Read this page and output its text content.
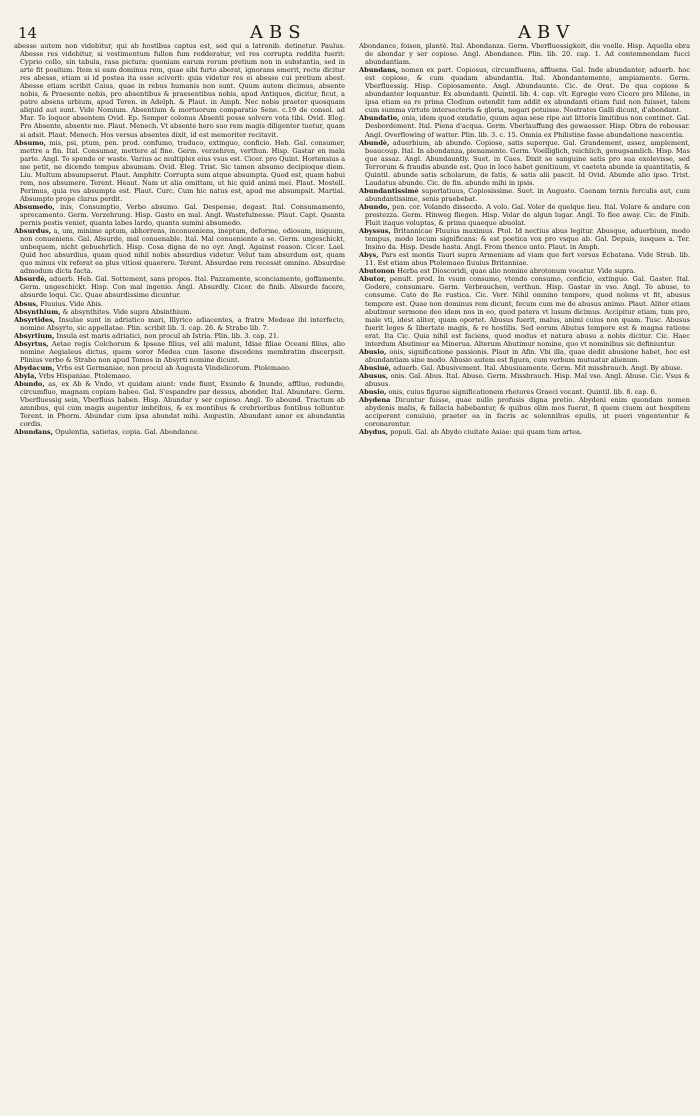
14	ABS	ABV

abesse autem non videbitur, qui ab hostibus captus est, sed qui a latronib. detinetur. Paulus. Abesse res videbitur, si vestimentum fullon fum redderatur, vel res corrupta reddita fuerit: Cyprio collo, sin tabula, rasa pictura: quoniam earum rerum pretium non in substantia, sed in arte fit positum. Item si eam dominus rem, quae sibi furto aberat, ignorans emerit, recte dicitur res abesse, etiam si id postea ita esse sciverit: quia videtur res ei abesse cui pretium abest. Abesse etiam scribit Caius, quae in rebus humanis non sunt. Quum autem dicimus, absente nobis, & Praesente nobis, pro absentibus & praesentibus nobis, apud Antiquos, dicitur, ficut, a patre absens urbium, apud Teren. in Adelph. & Plaut. in Amph. Nec nobis praeter quosquam aliquid aut sunt. Vide Nomium. Absentium & mortuorum comparatio Sene. c.19 de consol. ad Mar. Te loquor absentem Ovid. Ep. Semper colonus Absenti posse solvere vota tibi. Ovid. Eleg. Pro Absente, absente me. Plaut. Menech. Vt absente hero suo rem magis diligenter tuetur, quam si adsit. Plaut. Menech. Hos versus absentes dixit, id est memoriter recitavit.

Absumo, mis, psi, ptum, pen. prod. confumo, traduco, extinguo, conficio. Heb. Gal. consumer, mettre a fin. Ital. Consumar, mettere al fine. Germ. verzehren, verthun. Hisp. Gastar en mala parte. Angl. To spende or waste. Varius ac multiplex eius vsus est. Cicer. pro Quint. Hortensius a me petit, ne dicendo tempus absumam. Ovid. Eleg. Trist. Sic tamen absumo decipioque diem. Liu. Multum absumpserat. Plaut. Amphitr. Corrupta sum atque absumpta. Quod est, quam habui rem, nos absumere. Terent. Heaut. Nam ut alia omittam, ut hic quid animi mei. Plaut. Mostell. Perimus, quia res absumpta est. Plaut. Curc. Cum hic natus est, apud me absumpsit. Martial. Absumpto prope clarus perdit.

Absumedo, inis, Consumptio, Verbo absumo. Gal. Despense, degast. Ital. Consumamento, sprecamento. Germ. Verzehrung. Hisp. Gasto en mal. Angl. Wastefulnesse. Plaut. Capt. Quanta pernis pestis veniet, quanta labes lardo, quanta sumini absumedo.

Absurdus, a, um, minime aptum, abhorrens, inconueniens, ineptum, deforme, odiosum, iniquum, non conueniens. Gal. Absurde, mal conuenable. Ital. Mal conueniente a se. Germ. ungeschickt, unbequem, nicht gebuehrlich. Hisp. Cosa digna de no oyr. Angl. Against reason. Cicer. Lael. Quid hoc absurdius, quam quod nihil nobis absurdius videtur. Velut tam absurdum est, quam quo minus vix referat ea plus vitiosi quaerere. Terent. Absurdae rem recessit omnino. Absurdae admodum dicta facta.

Absurdè, aduerb. Heb. Gal. Sottement, sans propos. Ital. Pazzamente, sconciamente, goffamente. Germ. ungeschickt. Hisp. Con mal ingenio. Angl. Absurdly. Cicer. de finib. Absurde facere, absurde loqui. Cic. Quae absurdissime dicuntur.

Absus, Fluuius. Vide Abis.

Absynthium, & absynthites. Vide supra Absinthium.

Absyrtides, Insulae sunt in adriatico mari, Illyrico adiacentes, a fratre Medeae ibi interfecto, nomine Absyrto, sic appellatae. Plin. scribit lib. 3. cap. 26. & Strabo lib. 7.

Absyrtium, Insula est maris adriatici, non procul ab Istria. Plin. lib. 3. cap. 21.

Absyrtus, Aetae regis Colchorum & Ipseae filius, vel alii malunt, Idiae filiae Oceani filius, alio nomine Aegialeus dictus, quem soror Medea cum Iasone discedens membratim discerpsit. Plinius verbo & Strabo non apud Tomos in Absyrti nomine dicunt.

Abydacum, Vrbs est Germaniae, non procul ab Augusta Vindelicorum. Ptolemaeo.

Abyla, Vrbs Hispaniae. Ptolemaeo.

Abundo, as, ex Ab & Vndo, vt quidam aiunt: vnde fiunt, Exundo & Inundo, afflluo, redundo, circumfluo, magnam copiam habeo. Gal. S'espandre par dessus, abonder. Ital. Abundare. Germ. Vberfluessig sein, Vberfluss haben. Hisp. Abundar y ser copioso. Angl. To abound. Tractum ab amnibus, qui cum magis augentur imbribus, & ex montibus & crebrioribus fontibus tolluntur. Terent. in Phorm. Abundar cum ipsa abundat mihi. Augustin. Abundant amor ex abundantia cordis.

Abundans, Opulentia, satietas, copia. Gal. Abondance.

Abondance, foison, planté. Ital. Abondanza. Germ. Vberfluessigkeit, die voelle. Hisp. Aquella obra de abondar y ser copioso. Angl. Abondance. Plin. lib. 20. cap. 1. Ad contemnendam fucci abundantiam.

Abundans, nomen ex part. Copiosus, circumfluens, affluens. Gal. Inde abundanter, aduerb. hoc est copiose, & cum quadam abundantia. Ital. Abondantemente, ampiamente. Germ. Vberfluessig. Hisp. Copiosamente. Angl. Abundaunte. Cic. de Orat. De qua copiose & abundanter loquantur. Ex abundanti. Quintil. lib. 4. cap. vlt. Egregie vero Cicero pro Milone, in ipsa etiam ea re prima Clodium ostendit tam addit ex abundanti etiam fuid non fuisset, talem cum summa virtute intersectoris & gloria, negari potuisse. Nostrates Galli dicunt, d'abondant.

Abundatio, onis, idem quod exudatio, quum aqua sese ripe aut littoris limitibus non continet. Gal. Desbordement. Ital. Piena d'acqua. Germ. Vberlauffung des gewaesser. Hisp. Obra de rebossar. Angl. Overflowing of watter. Plin. lib. 3. c. 15. Omnia ex Philistine fasse abundatione nascentia.

Abundè, aduerbium, ab abundo. Copiose, satis superque. Gal. Grandement, assez, amplement, beaucoup. Ital. In abondanza, pienamente. Germ. Voelliglich, reichlich, genugsamlich. Hisp. Mas que assaz. Angl. Abundauntly. Suet. in Caes. Dixit se sanguine satis pro sua exolevisse, sed Terrorum & fraudis abunde est. Quo in loco habet genitiuum, vt caeteta abunde ia quantitatis, & Quintil. abunde satis scholarum, de fatis, & satis alii pascit. Id Ovid. Abunde alio ipso. Trist. Laudatus abunde. Cic. de fin. abunde mihi in ipsis.

Abundantissimè superlatiuus, Copiosissime. Suet. in Augusto. Caenam ternis ferculis aut, cum abundantissime, senis praebebat.

Abundo, pen. cor. Volando dissecdo. A volo. Gal. Voler de quelque lieu. Ital. Volare & andare con prestezza. Germ. Hinweg fliegen. Hisp. Volar de algun lugar. Angl. To flee away. Cic. de Finib. Fluit itaque voluptas, & prima quaeque abuolat.

Abyssus, Britannicae Fluuius maximus. Ptol. Id nectius abus legitur. Abusque, aduerbium, modo tempus, modo locum significans: & est poetica vox pro vsque ab. Gal. Depuis, iusques a. Ter. Insino da. Hisp. Desde hasta. Angl. From thence unto. Plaut. in Amph.

Abys, Pars est montis Tauri supra Armeniam ad viam que fert versus Ecbatana. Vide Strab. lib. 11. Est etiam abus Ptolemaeo fluuius Britanniae.

Abutonon Herba est Dioscoridi, quae alio nomine abrotonum vocatur. Vide supra.

Abutor, penult. prod. In vsum consumo, vtendo consumo, conficio, extinguo. Gal. Gaster. Ital. Godere, consumare. Germ. Verbrauchen, verthun. Hisp. Gastar in vso. Angl. To abuse, to consume. Cato de Re rustica. Cic. Verr. Nihil omnino tempore, quod nolens vt fit, abusus tempore est. Quae non dominus rem dicunt, fecum cum me de abusus animo. Plaut. Aliter etiam abutimur sermone deo idem nos in eo, quod patera vt lusum dicimus. Accipitur etiam, tum pro, male vti, idest aliter, quam oportet. Abusus fuerit, malus, animi cuius non quam. Tusc. Abusus fuerit leges & libertate magis, & re hostilis. Sed eorum Abutus tempore est & magna ratione erat. Ita Cic. Quia nihil est faciens, quod modus et natura abusu a nobis dicitur. Cic. Haec interdum Abutimur ea Minerua. Alterum Abutimur nomine, quo vt nominibus sic definiuntur.

Abusio, onis, significatione passionis. Plaut in Afin. Vbi illa, quae dedit abusione habet, hoc est abundantiam sine modo. Abusio autem est figura, cum verbum mutuatur alienum.

Abusiuè, aduerb. Gal. Abusivement. Ital. Abusiuamente. Germ. Mit missbrauch. Angl. By abuse.

Abusus, onis. Gal. Abus. Ital. Abuso. Germ. Missbrauch. Hisp. Mal vso. Angl. Abuse. Cic. Vsus & abusus.

Abusio, onis, cuius figurae significationem rhetores Graeci vocant. Quintil. lib. 8. cap. 6.

Abydena Dicuntur fuisse, quae nullo profusis digna pretio. Abydeni enim quondam nomen abydenis malis, & fallacia habebantur, & quibus olim mos fuerat, fi quem ciuem aut hospitem acciperent conuiuio, praeter ea in facris ac solennibus epulis, ut pueri vngententur & coronarentur.

Abydus, populi. Gal. ab Abydo ciuitate Asiae: qui quam tum artea.
